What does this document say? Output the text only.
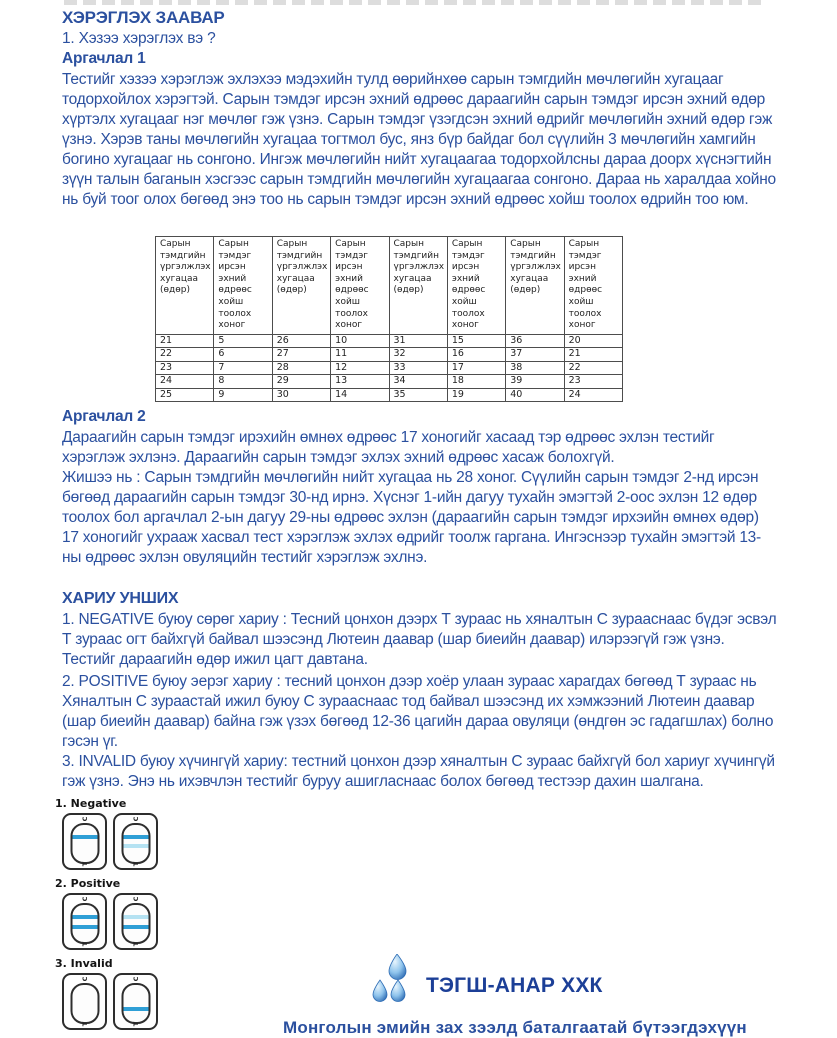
ХЭРЭГЛЭХ ЗААВАР
1. Хэзээ хэрэглэх вэ ?
Аргачлал 1

Тестийг хэзээ хэрэглэж эхлэхээ мэдэхийн тулд өөрийнхөө сарын тэмгдийн мөчлөгийн хугацааг тодорхойлох хэрэгтэй. Сарын тэмдэг ирсэн эхний өдрөөс дараагийн сарын тэмдэг ирсэн эхний өдөр хүртэлх хугацааг нэг мөчлөг гэж үзнэ. Сарын тэмдэг үзэгдсэн эхний өдрийг мөчлөгийн эхний өдөр гэж үзнэ. Хэрэв таны мөчлөгийн хугацаа тогтмол бус, янз бүр байдаг бол сүүлийн 3 мөчлөгийн хамгийн богино хугацааг нь сонгоно. Ингэж мөчлөгийн нийт хугацаагаа тодорхойлсны дараа доорх хүснэгтийн зүүн талын баганын хэсгээс сарын тэмдгийн мөчлөгийн хугацаагаа сонгоно. Дараа нь харалдаа хойно нь буй тоог олох бөгөөд энэ тоо нь сарын тэмдэг ирсэн эхний өдрөөс хойш тоолох өдрийн тоо юм.

Сарын тэмдгийн үргэлжлэх хугацаа (өдөр)	Сарын тэмдэг ирсэн эхний өдрөөс хойш тоолох хоног	Сарын тэмдгийн үргэлжлэх хугацаа (өдөр)	Сарын тэмдэг ирсэн эхний өдрөөс хойш тоолох хоног	Сарын тэмдгийн үргэлжлэх хугацаа (өдөр)	Сарын тэмдэг ирсэн эхний өдрөөс хойш тоолох хоног	Сарын тэмдгийн үргэлжлэх хугацаа (өдөр)	Сарын тэмдэг ирсэн эхний өдрөөс хойш тоолох хоног
21	5	26	10	31	15	36	20
22	6	27	11	32	16	37	21
23	7	28	12	33	17	38	22
24	8	29	13	34	18	39	23
25	9	30	14	35	19	40	24
Аргачлал 2

Дараагийн сарын тэмдэг ирэхийн өмнөх өдрөөс 17 хоногийг хасаад тэр өдрөөс эхлэн тестийг хэрэглэж эхлэнэ. Дараагийн сарын тэмдэг эхлэх эхний өдрөөс хасаж болохгүй.

Жишээ нь : Сарын тэмдгийн мөчлөгийн нийт хугацаа нь 28 хоног. Сүүлийн сарын тэмдэг 2-нд ирсэн бөгөөд дараагийн сарын тэмдэг 30-нд ирнэ. Хүснэг 1-ийн дагуу тухайн эмэгтэй 2-оос эхлэн 12 өдөр тоолох бол аргачлал 2-ын дагуу 29-ны өдрөөс эхлэн (дараагийн сарын тэмдэг ирхэийн өмнөх өдөр) 17 хоногийг ухрааж хасвал тест хэрэглэж эхлэх өдрийг тоолж гаргана. Ингэснээр тухайн эмэгтэй 13-ны өдрөөс эхлэн овуляцийн тестийг хэрэглэж эхлнэ.

ХАРИУ УНШИХ

1. NEGATIVE буюу сөрөг хариу : Тесний цонхон дээрх Т зураас нь хяналтын С зурааснаас бүдэг эсвэл Т зураас огт байхгүй байвал шээсэнд Лютеин даавар (шар биеийн даавар) илэрээгүй гэж үзнэ. Тестийг дараагийн өдөр ижил цагт давтана.

2. POSITIVE буюу эерэг хариу : тесний цонхон дээр хоёр улаан зураас харагдах бөгөөд Т зураас нь Хяналтын С зураастай ижил буюу С зурааснаас тод байвал шээсэнд их хэмжээний Лютеин даавар (шар биеийн даавар) байна гэж үзэх бөгөөд 12-36 цагийн дараа овуляци (өндгөн эс гадагшлах) болно гэсэн үг.

3. INVALID буюу хүчингүй хариу: тестний цонхон дээр хяналтын С зураас байхгүй бол хариуг хүчингүй гэж үзнэ. Энэ нь ихэвчлэн тестийг буруу ашигласнаас болох бөгөөд тестээр дахин шалгана.

1. Negative
C
T
C
T
2. Positive
C
T
C
T
3. Invalid
C
T
C
T
ТЭГШ-АНАР ХХК
Монголын эмийн зах зээлд баталгаатай бүтээгдэхүүн
